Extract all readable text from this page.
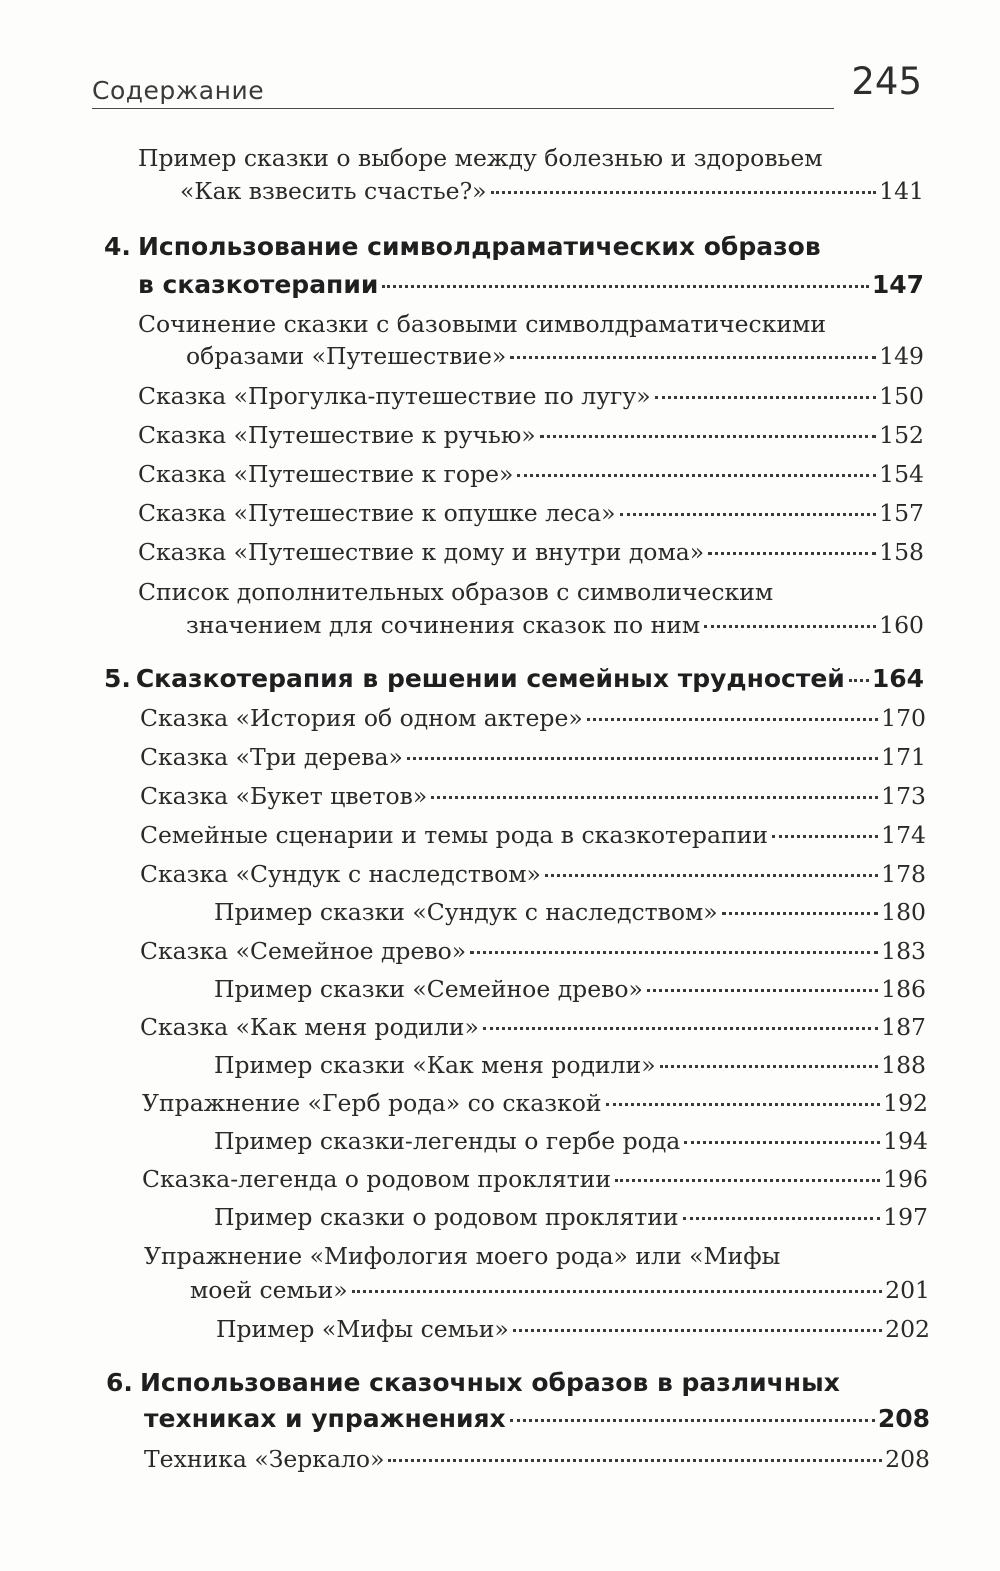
Содержание	245
Пример сказки о выборе между болезнью и здоровьем
«Как взвесить счастье?»	141
4. Использование символдраматических образов
в сказкотерапии	147
Сочинение сказки с базовыми символдраматическими
образами «Путешествие»	149
Сказка «Прогулка-путешествие по лугу»	150
Сказка «Путешествие к ручью»	152
Сказка «Путешествие к горе»	154
Сказка «Путешествие к опушке леса»	157
Сказка «Путешествие к дому и внутри дома»	158
Список дополнительных образов с символическим
значением для сочинения сказок по ним	160
5. Сказкотерапия в решении семейных трудностей 164
Сказка «История об одном актере»	170
Сказка «Три дерева»	171
Сказка «Букет цветов»	173
Семейные сценарии и темы рода в сказкотерапии	174
Сказка «Сундук с наследством»	178
Пример сказки «Сундук с наследством»	180
Сказка «Семейное древо»	183
Пример сказки «Семейное древо»	186
Сказка «Как меня родили»	187
Пример сказки «Как меня родили»	188
Упражнение «Герб рода» со сказкой	192
Пример сказки-легенды о гербе рода	194
Сказка-легенда о родовом проклятии	196
Пример сказки о родовом проклятии	197
Упражнение «Мифология моего рода» или «Мифы
моей семьи»	201
Пример «Мифы семьи»	202
6. Использование сказочных образов в различных
техниках и упражнениях	208
Техника «Зеркало»	208
